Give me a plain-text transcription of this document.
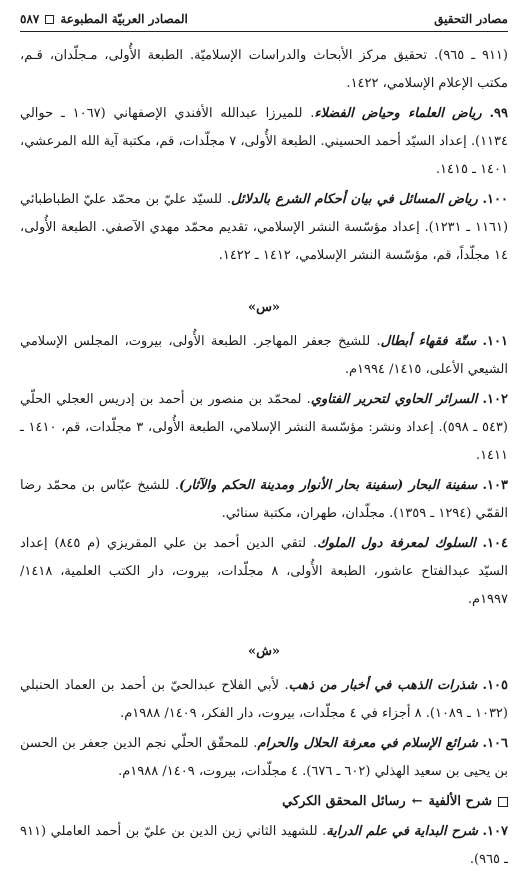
مصادر التحقيق
المصادر العربيّة المطبوعة
٥٨٧
(٩١١ ـ ٩٦٥). تحقيق مركز الأبحاث والدراسات الإسلاميّة. الطبعة الأُولى، مـجلّدان، قـم، مكتب الإعلام الإسلامي، ١٤٢٢.
٩٩. رياض العلماء وحياض الفضلاء. للميرزا عبدالله الأفندي الإصفهاني (١٠٦٧ ـ حوالي ١١٣٤). إعداد السيّد أحمد الحسيني. الطبعة الأُولى، ٧ مجلّدات، قم، مكتبة آية الله المرعشي، ١٤٠١ ـ ١٤١٥.
١٠٠. رياض المسائل في بيان أحكام الشرع بالدلائل. للسيّد عليّ بن محمّد عليّ الطباطبائي (١١٦١ ـ ١٢٣١). إعداد مؤسّسة النشر الإسلامي، تقديم محمّد مهدي الآصفي. الطبعة الأُولى، ١٤ مجلّداً، قم، مؤسّسة النشر الإسلامي، ١٤١٢ ـ ١٤٢٢.
«س»
١٠١. ستّة فقهاء أبطال. للشيخ جعفر المهاجر. الطبعة الأُولى، بيروت، المجلس الإسلامي الشيعي الأعلى، ١٤١٥/ ١٩٩٤م.
١٠٢. السرائر الحاوي لتحرير الفتاوي. لمحمّد بن منصور بن أحمد بن إدريس العجلي الحلّي (٥٤٣ ـ ٥٩٨). إعداد ونشر: مؤسّسة النشر الإسلامي، الطبعة الأُولى، ٣ مجلّدات، قم، ١٤١٠ ـ ١٤١١.
١٠٣. سفينة البحار (سفينة بحار الأنوار ومدينة الحكم والآثار). للشيخ عبّاس بن محمّد رضا القمّي (١٢٩٤ ـ ١٣٥٩). مجلّدان، طهران، مكتبة سنائي.
١٠٤. السلوك لمعرفة دول الملوك. لتقي الدين أحمد بن علي المقريزي (م ٨٤٥) إعداد السيّد عبدالفتاح عاشور، الطبعة الأُولى، ٨ مجلّدات، بيروت، دار الكتب العلمية، ١٤١٨/ ١٩٩٧م.
«ش»
١٠٥. شذرات الذهب في أخبار من ذهب. لأبي الفلاح عبدالحيّ بن أحمد بن العماد الحنبلي (١٠٣٢ ـ ١٠٨٩). ٨ أجزاء في ٤ مجلّدات، بيروت، دار الفكر، ١٤٠٩/ ١٩٨٨م.
١٠٦. شرائع الإسلام في معرفة الحلال والحرام. للمحقّق الحلّي نجم الدين جعفر بن الحسن بن يحيى بن سعيد الهذلي (٦٠٢ ـ ٦٧٦). ٤ مجلّدات، بيروت، ١٤٠٩/ ١٩٨٨م.
شرح الألفية
←
رسائل المحقق الكركي
١٠٧. شرح البداية في علم الدراية. للشهيد الثاني زين الدين بن عليّ بن أحمد العاملي (٩١١ ـ ٩٦٥).
